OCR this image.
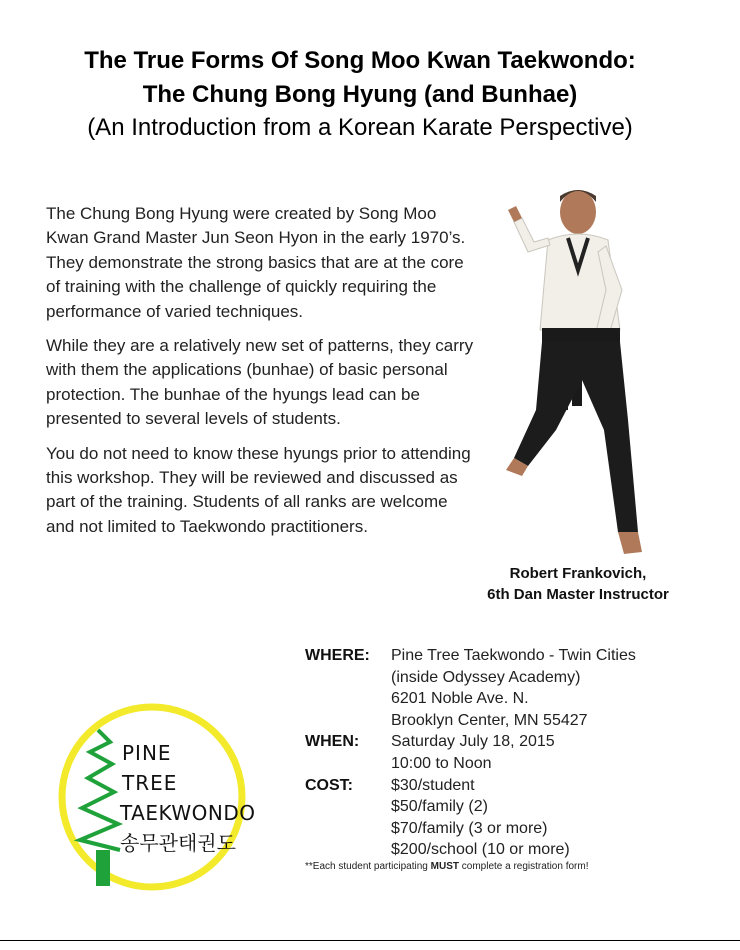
The True Forms Of Song Moo Kwan Taekwondo:
The Chung Bong Hyung (and Bunhae)
(An Introduction from a Korean Karate Perspective)

The Chung Bong Hyung were created by Song Moo Kwan Grand Master Jun Seon Hyon in the early 1970’s. They demonstrate the strong basics that are at the core of training with the challenge of quickly requiring the performance of varied techniques.

While they are a relatively new set of patterns, they carry with them the applications (bunhae) of basic personal protection. The bunhae of the hyungs lead can be presented to several levels of students.

You do not need to know these hyungs prior to attending this workshop. They will be reviewed and discussed as part of the training. Students of all ranks are welcome and not limited to Taekwondo practitioners.

Robert Frankovich,
6th Dan Master Instructor
PINE
TREE
TAEKWONDO
송무관태권도
WHERE:	Pine Tree Taekwondo - Twin Cities
(inside Odyssey Academy)
6201 Noble Ave. N.
Brooklyn Center, MN 55427
WHEN:	Saturday July 18, 2015
10:00 to Noon
COST:	$30/student
$50/family (2)
$70/family (3 or more)
$200/school (10 or more)
**Each student participating MUST complete a registration form!
